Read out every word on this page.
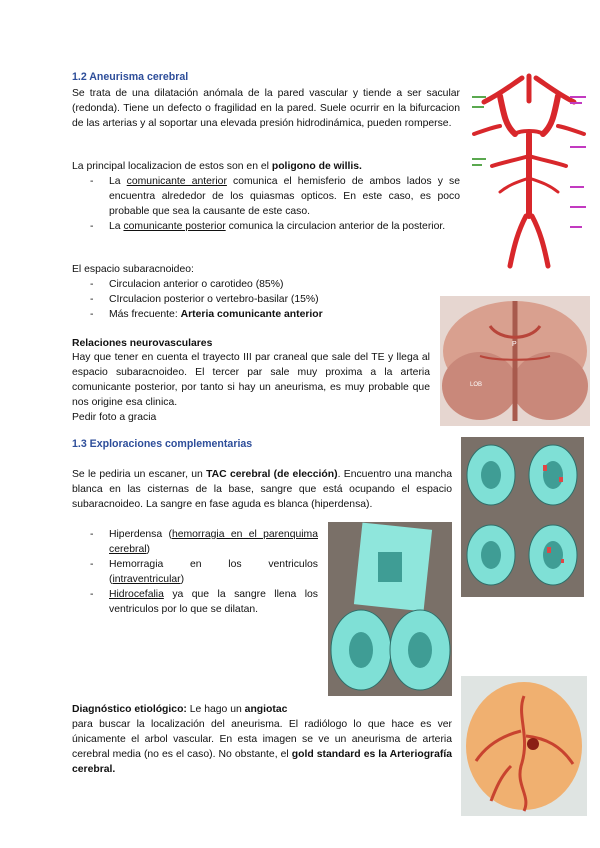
1.2 Aneurisma cerebral
Se trata de una dilatación anómala de la pared vascular y tiende a ser sacular (redonda). Tiene un defecto o fragilidad en la pared. Suele ocurrir en la bifurcacion de las arterias y al soportar una elevada presión hidrodinámica, pueden romperse.
La principal localizacion de estos son en el poligono de willis.
- La comunicante anterior comunica el hemisferio de ambos lados y se encuentra alrededor de los quiasmas opticos. En este caso, es poco probable que sea la causante de este caso.
- La comunicante posterior comunica la circulacion anterior de la posterior.
El espacio subaracnoideo:
- Circulacion anterior o carotideo (85%)
- CIrculacion posterior o vertebro-basilar (15%)
- Más frecuente: Arteria comunicante anterior
Relaciones neurovasculares
Hay que tener en cuenta el trayecto III par craneal que sale del TE y llega al espacio subaracnoideo. El tercer par sale muy proxima a la arteria comunicante posterior, por tanto si hay un aneurisma, es muy probable que nos origine esa clinica.
Pedir foto a gracia
1.3 Exploraciones complementarias
Se le pediria un escaner, un TAC cerebral (de elección). Encuentro una mancha blanca en las cisternas de la base, sangre que está ocupando el espacio subaracnoideo. La sangre en fase aguda es blanca (hiperdensa).
- Hiperdensa (hemorragia en el parenquima cerebral)
- Hemorragia en los ventriculos (intraventricular)
- Hidrocefalia ya que la sangre llena los ventriculos por lo que se dilatan.
Diagnóstico etiológico: Le hago un angiotac
para buscar la localización del aneurisma. El radiólogo lo que hace es ver únicamente el arbol vascular. En esta imagen se ve un aneurisma de arteria cerebral media (no es el caso). No obstante, el gold standard es la Arteriografía cerebral.
P
LOB
